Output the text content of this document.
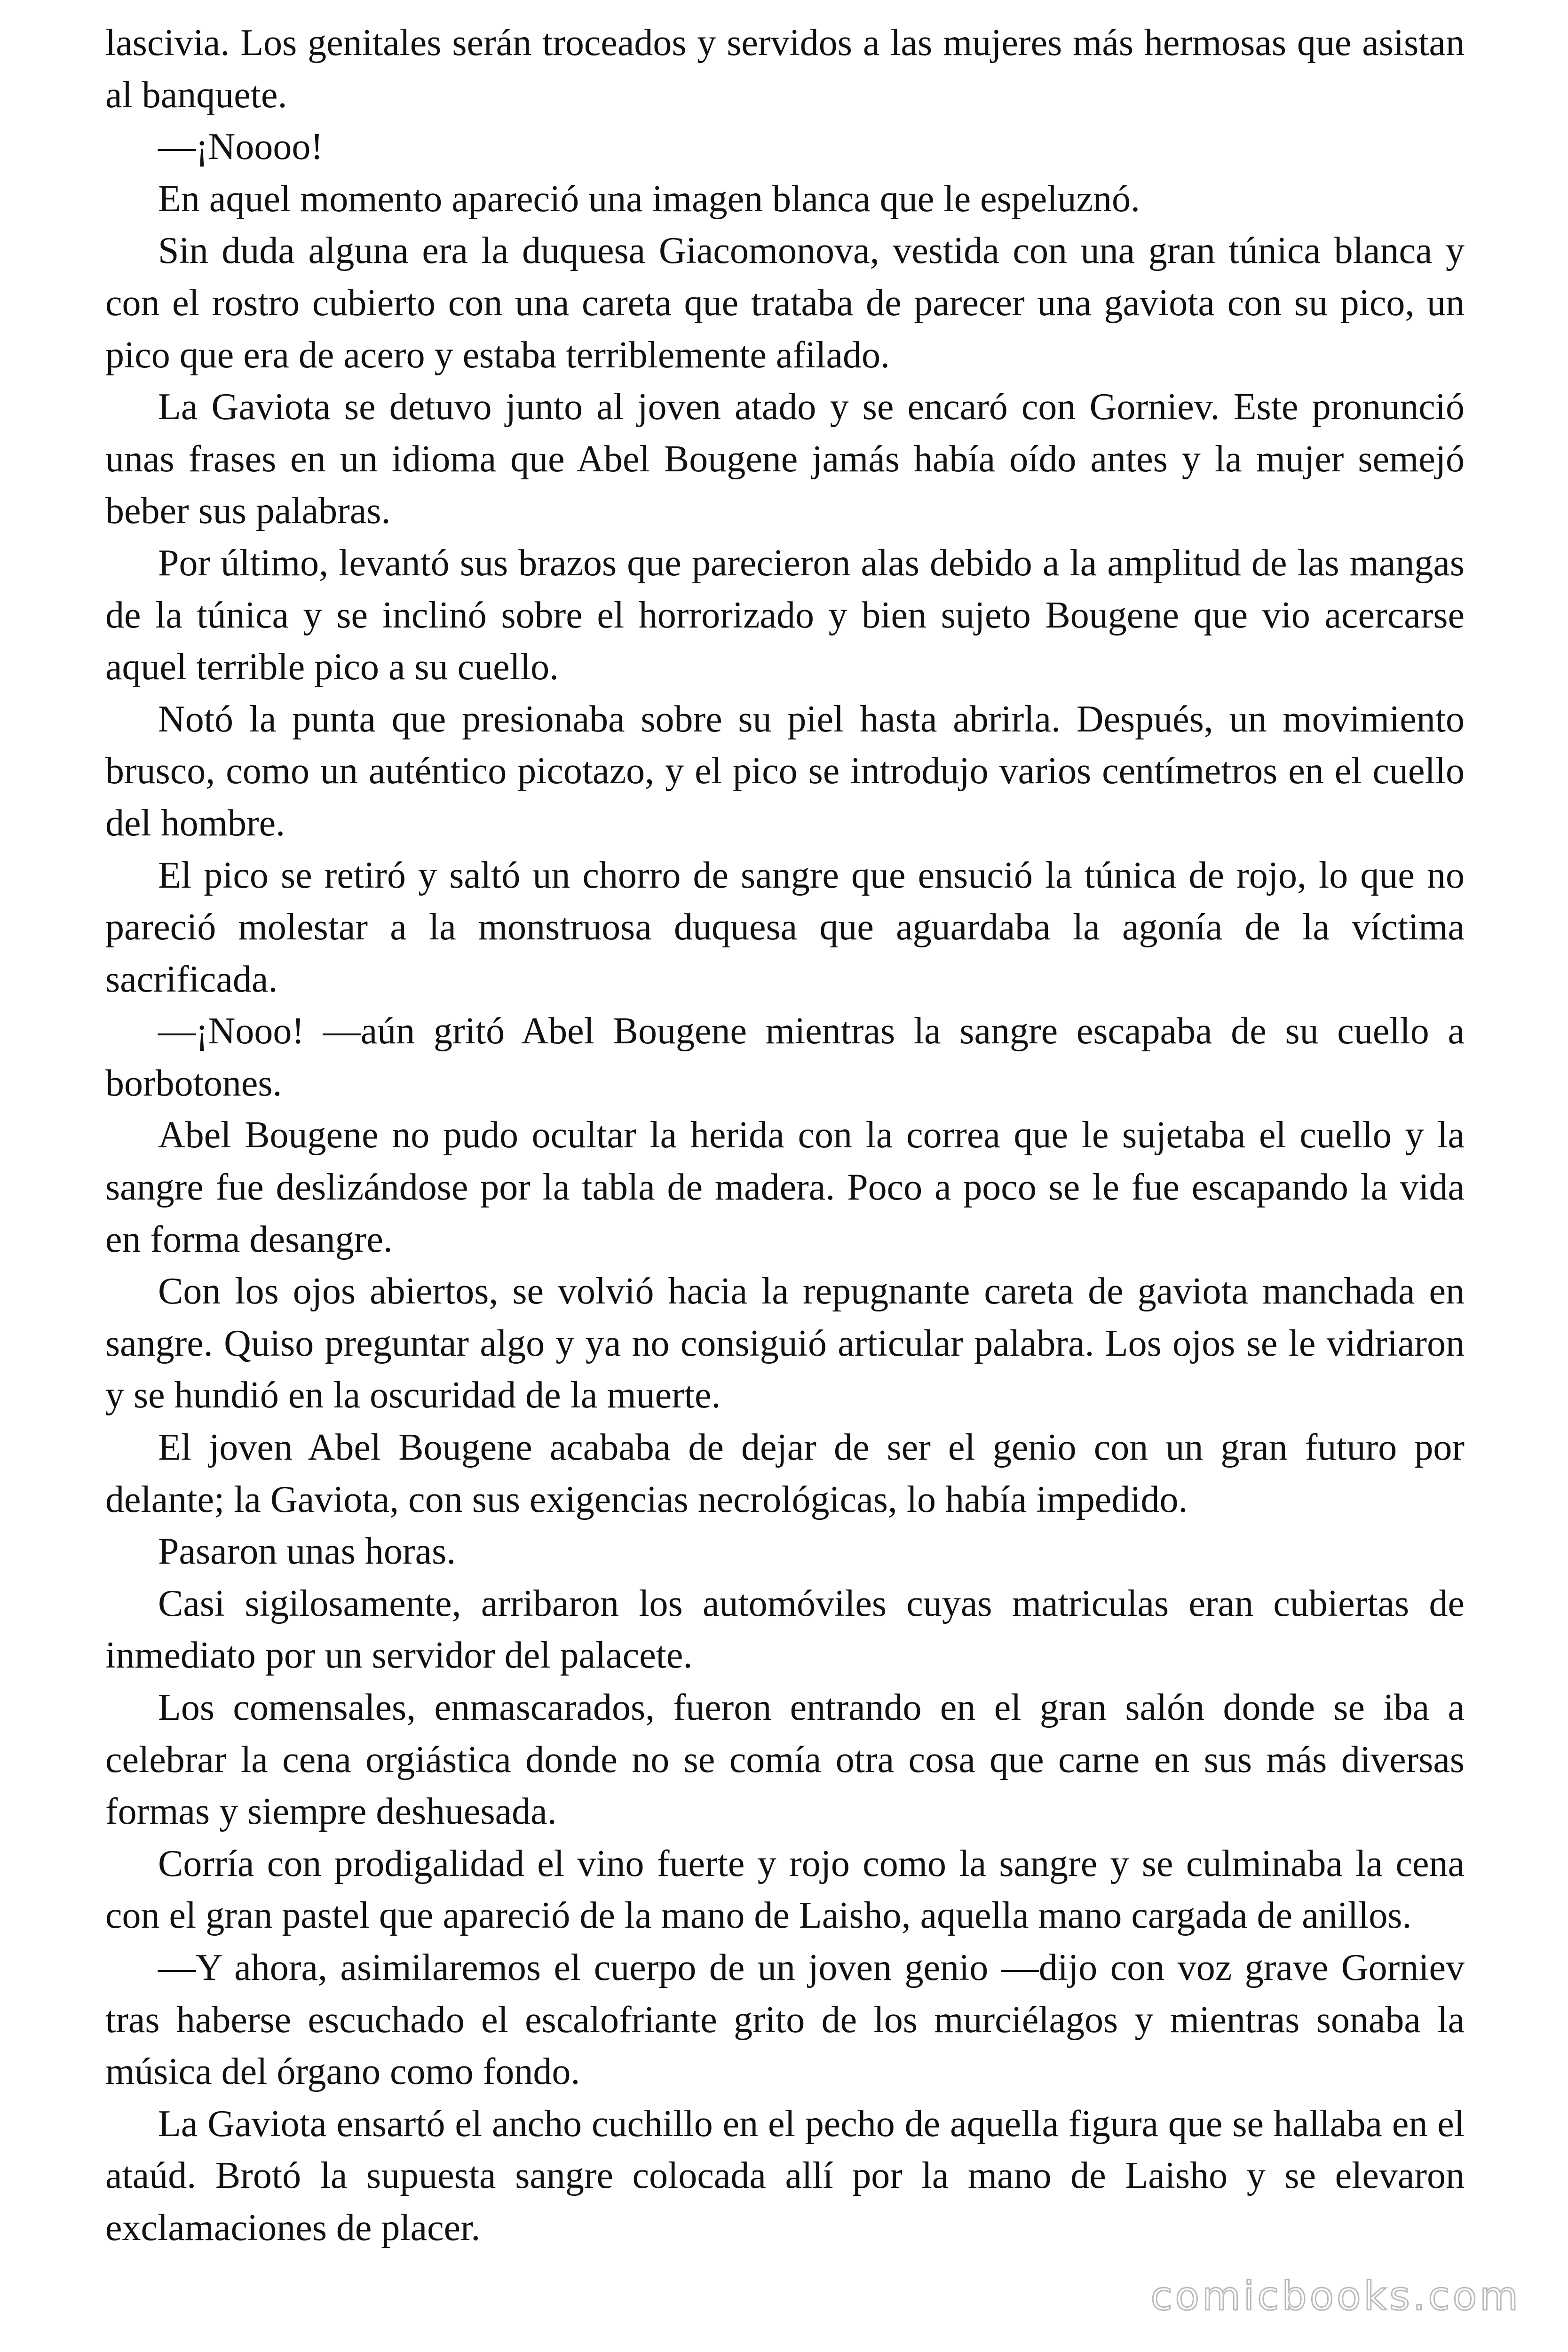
lascivia. Los genitales serán troceados y servidos a las mujeres más hermosas que asistan al banquete.

—¡Noooo!

En aquel momento apareció una imagen blanca que le espeluznó.

Sin duda alguna era la duquesa Giacomonova, vestida con una gran túnica blanca y con el rostro cubierto con una careta que trataba de parecer una gaviota con su pico, un pico que era de acero y estaba terriblemente afilado.

La Gaviota se detuvo junto al joven atado y se encaró con Gorniev. Este pronunció unas frases en un idioma que Abel Bougene jamás había oído antes y la mujer semejó beber sus palabras.

Por último, levantó sus brazos que parecieron alas debido a la amplitud de las mangas de la túnica y se inclinó sobre el horrorizado y bien sujeto Bougene que vio acercarse aquel terrible pico a su cuello.

Notó la punta que presionaba sobre su piel hasta abrirla. Después, un movimiento brusco, como un auténtico picotazo, y el pico se introdujo varios centímetros en el cuello del hombre.

El pico se retiró y saltó un chorro de sangre que ensució la túnica de rojo, lo que no pareció molestar a la monstruosa duquesa que aguardaba la agonía de la víctima sacrificada.

—¡Nooo! —aún gritó Abel Bougene mientras la sangre escapaba de su cuello a borbotones.

Abel Bougene no pudo ocultar la herida con la correa que le sujetaba el cuello y la sangre fue deslizándose por la tabla de madera. Poco a poco se le fue escapando la vida en forma desangre.

Con los ojos abiertos, se volvió hacia la repugnante careta de gaviota manchada en sangre. Quiso preguntar algo y ya no consiguió articular palabra. Los ojos se le vidriaron y se hundió en la oscuridad de la muerte.

El joven Abel Bougene acababa de dejar de ser el genio con un gran futuro por delante; la Gaviota, con sus exigencias necrológicas, lo había impedido.

Pasaron unas horas.

Casi sigilosamente, arribaron los automóviles cuyas matriculas eran cubiertas de inmediato por un servidor del palacete.

Los comensales, enmascarados, fueron entrando en el gran salón donde se iba a celebrar la cena orgiástica donde no se comía otra cosa que carne en sus más diversas formas y siempre deshuesada.

Corría con prodigalidad el vino fuerte y rojo como la sangre y se culminaba la cena con el gran pastel que apareció de la mano de Laisho, aquella mano cargada de anillos.

—Y ahora, asimilaremos el cuerpo de un joven genio —dijo con voz grave Gorniev tras haberse escuchado el escalofriante grito de los murciélagos y mientras sonaba la música del órgano como fondo.

La Gaviota ensartó el ancho cuchillo en el pecho de aquella figura que se hallaba en el ataúd. Brotó la supuesta sangre colocada allí por la mano de Laisho y se elevaron exclamaciones de placer.

comicbooks.com
